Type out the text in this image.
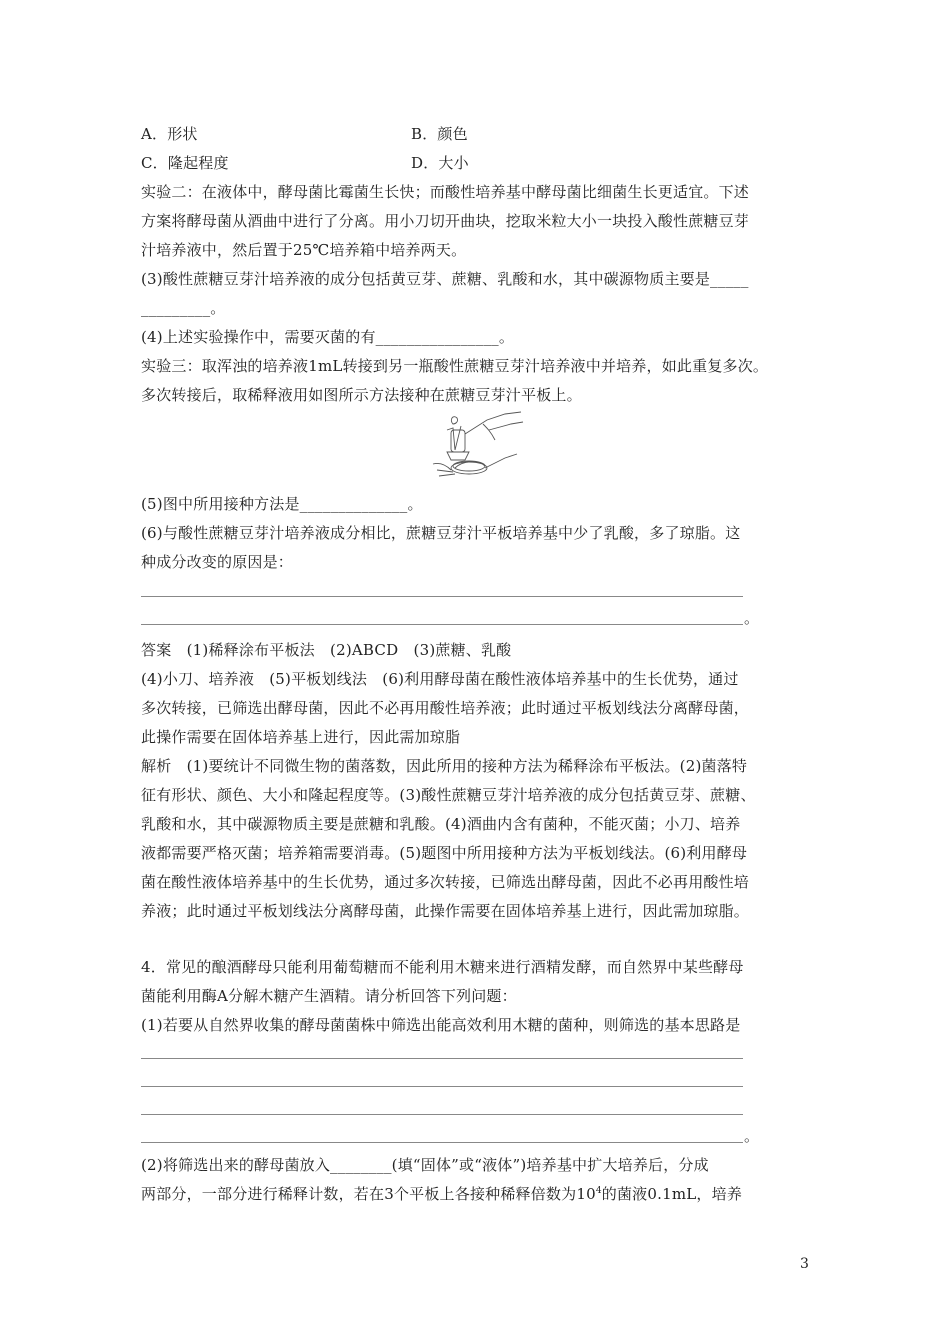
A．形状	B．颜色
C．隆起程度	D．大小
实验二：在液体中，酵母菌比霉菌生长快；而酸性培养基中酵母菌比细菌生长更适宜。下述
方案将酵母菌从酒曲中进行了分离。用小刀切开曲块，挖取米粒大小一块投入酸性蔗糖豆芽
汁培养液中，然后置于25℃培养箱中培养两天。
(3)酸性蔗糖豆芽汁培养液的成分包括黄豆芽、蔗糖、乳酸和水，其中碳源物质主要是_____
_________。
(4)上述实验操作中，需要灭菌的有________________。
实验三：取浑浊的培养液1mL转接到另一瓶酸性蔗糖豆芽汁培养液中并培养，如此重复多次。
多次转接后，取稀释液用如图所示方法接种在蔗糖豆芽汁平板上。
(5)图中所用接种方法是______________。
(6)与酸性蔗糖豆芽汁培养液成分相比，蔗糖豆芽汁平板培养基中少了乳酸，多了琼脂。这
种成分改变的原因是：
。
答案　(1)稀释涂布平板法　(2)ABCD　(3)蔗糖、乳酸
(4)小刀、培养液　(5)平板划线法　(6)利用酵母菌在酸性液体培养基中的生长优势，通过
多次转接，已筛选出酵母菌，因此不必再用酸性培养液；此时通过平板划线法分离酵母菌，
此操作需要在固体培养基上进行，因此需加琼脂
解析　(1)要统计不同微生物的菌落数，因此所用的接种方法为稀释涂布平板法。(2)菌落特
征有形状、颜色、大小和隆起程度等。(3)酸性蔗糖豆芽汁培养液的成分包括黄豆芽、蔗糖、
乳酸和水，其中碳源物质主要是蔗糖和乳酸。(4)酒曲内含有菌种，不能灭菌；小刀、培养
液都需要严格灭菌；培养箱需要消毒。(5)题图中所用接种方法为平板划线法。(6)利用酵母
菌在酸性液体培养基中的生长优势，通过多次转接，已筛选出酵母菌，因此不必再用酸性培
养液；此时通过平板划线法分离酵母菌，此操作需要在固体培养基上进行，因此需加琼脂。
4．常见的酿酒酵母只能利用葡萄糖而不能利用木糖来进行酒精发酵，而自然界中某些酵母
菌能利用酶A分解木糖产生酒精。请分析回答下列问题：
(1)若要从自然界收集的酵母菌菌株中筛选出能高效利用木糖的菌种，则筛选的基本思路是
。
(2)将筛选出来的酵母菌放入________(填“固体”或“液体”)培养基中扩大培养后，分成
两部分，一部分进行稀释计数，若在3个平板上各接种稀释倍数为$10^4$的菌液0.1mL，培养
3
